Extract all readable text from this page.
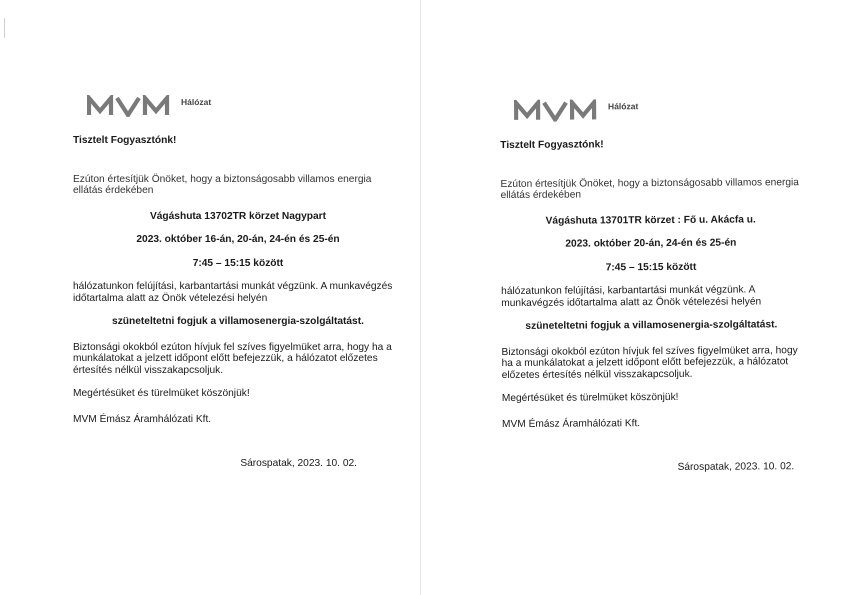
Hálózat
Tisztelt Fogyasztónk!
Ezúton értesítjük Önöket, hogy a biztonságosabb villamos energia ellátás érdekében
Vágáshuta 13702TR körzet Nagypart
2023. október 16-án, 20-án, 24-én és 25-én
7:45 – 15:15 között
hálózatunkon felújítási, karbantartási munkát végzünk. A munkavégzés időtartalma alatt az Önök vételezési helyén
szüneteltetni fogjuk a villamosenergia-szolgáltatást.
Biztonsági okokból ezúton hívjuk fel szíves figyelmüket arra, hogy ha a munkálatokat a jelzett időpont előtt befejezzük, a hálózatot előzetes értesítés nélkül visszakapcsoljuk.
Megértésüket és türelmüket köszönjük!
MVM Émász Áramhálózati Kft.
Sárospatak, 2023. 10. 02.
Hálózat
Tisztelt Fogyasztónk!
Ezúton értesítjük Önöket, hogy a biztonságosabb villamos energia ellátás érdekében
Vágáshuta 13701TR körzet : Fő u. Akácfa u.
2023. október 20-án, 24-én és 25-én
7:45 – 15:15 között
hálózatunkon felújítási, karbantartási munkát végzünk. A munkavégzés időtartalma alatt az Önök vételezési helyén
szüneteltetni fogjuk a villamosenergia-szolgáltatást.
Biztonsági okokból ezúton hívjuk fel szíves figyelmüket arra, hogy ha a munkálatokat a jelzett időpont előtt befejezzük, a hálózatot előzetes értesítés nélkül visszakapcsoljuk.
Megértésüket és türelmüket köszönjük!
MVM Émász Áramhálózati Kft.
Sárospatak, 2023. 10. 02.
